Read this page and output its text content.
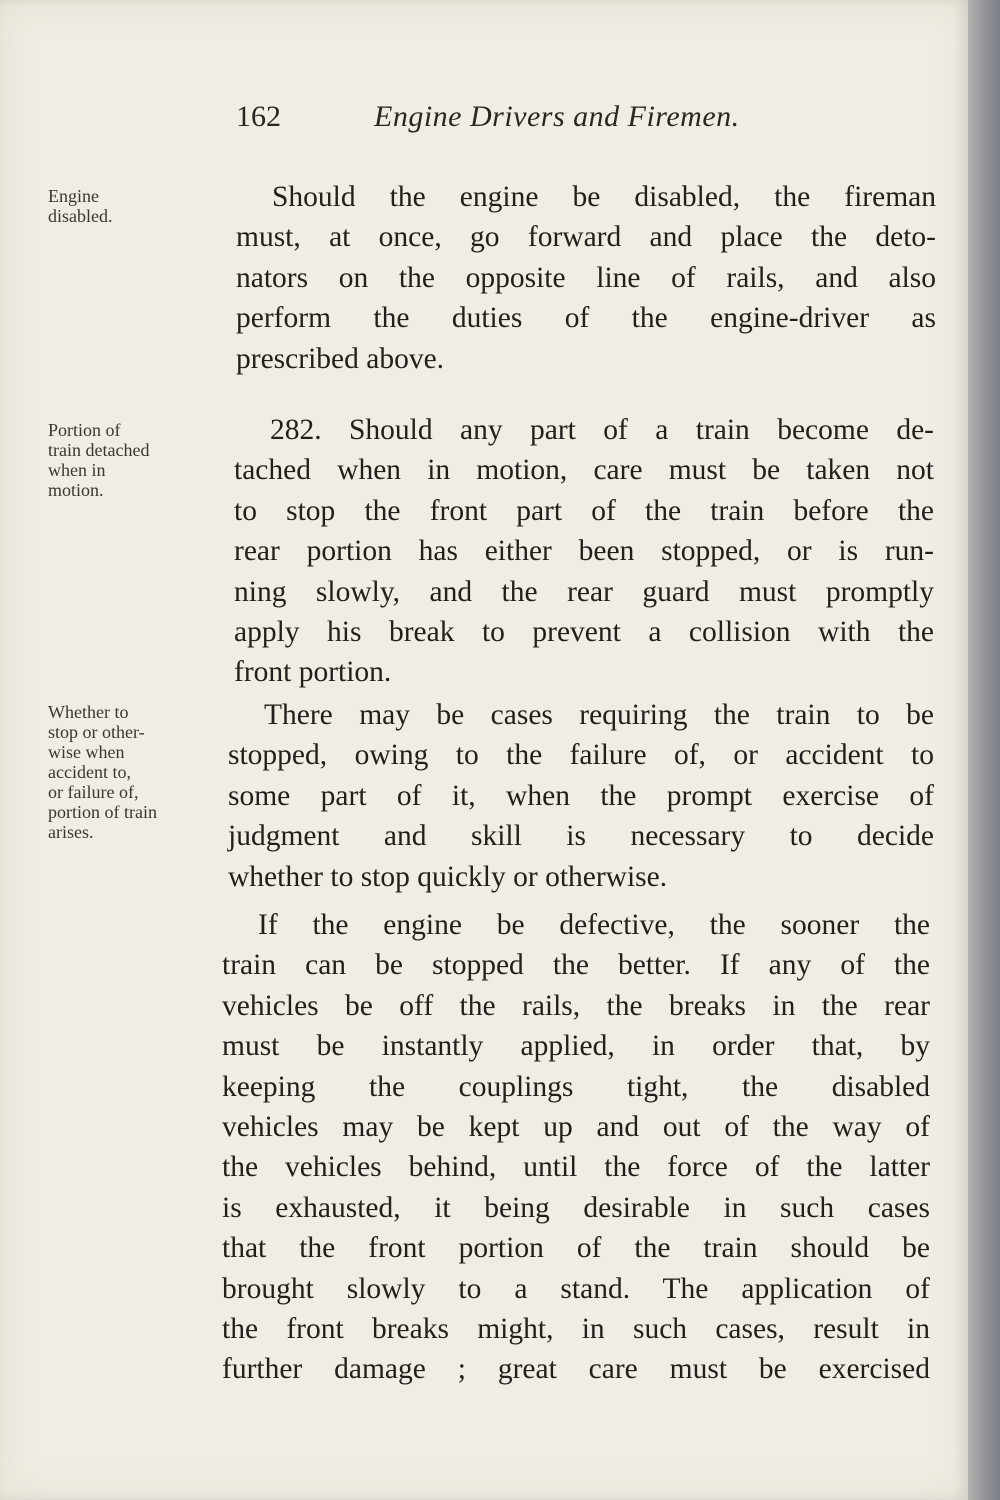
162	Engine Drivers and Firemen.
Engine
disabled.
Portion of
train detached
when in
motion.
Whether to
stop or other-
wise when
accident to,
or failure of,
portion of train
arises.
Should the engine be disabled, the fireman
must, at once, go forward and place the deto-
nators on the opposite line of rails, and also
perform the duties of the engine-driver as
prescribed above.
282. Should any part of a train become de-
tached when in motion, care must be taken not
to stop the front part of the train before the
rear portion has either been stopped, or is run-
ning slowly, and the rear guard must promptly
apply his break to prevent a collision with the
front portion.
There may be cases requiring the train to be
stopped, owing to the failure of, or accident to
some part of it, when the prompt exercise of
judgment and skill is necessary to decide
whether to stop quickly or otherwise.
If the engine be defective, the sooner the
train can be stopped the better. If any of the
vehicles be off the rails, the breaks in the rear
must be instantly applied, in order that, by
keeping the couplings tight, the disabled
vehicles may be kept up and out of the way of
the vehicles behind, until the force of the latter
is exhausted, it being desirable in such cases
that the front portion of the train should be
brought slowly to a stand. The application of
the front breaks might, in such cases, result in
further damage ; great care must be exercised
